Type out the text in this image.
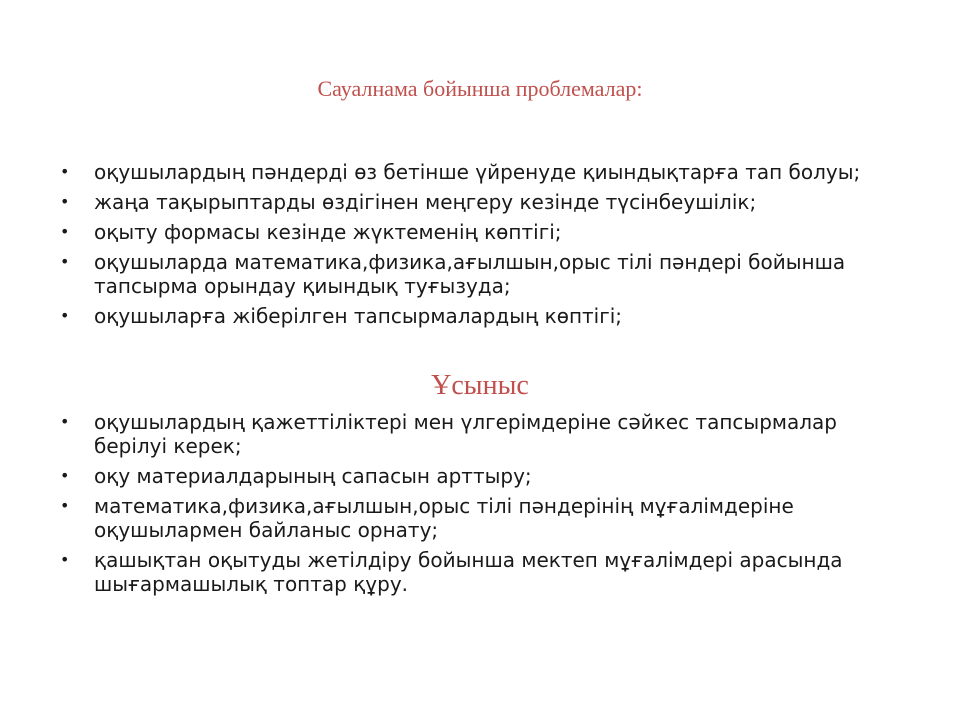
Сауалнама бойынша проблемалар:
• оқушылардың пәндерді өз бетінше үйренуде қиындықтарға тап болуы;
• жаңа тақырыптарды өздігінен меңгеру кезінде түсінбеушілік;
• оқыту формасы кезінде жүктеменің көптігі;
• оқушыларда математика,физика,ағылшын,орыс тілі пәндері бойынша тапсырма орындау қиындық туғызуда;
• оқушыларға жіберілген тапсырмалардың көптігі;
Ұсыныс
• оқушылардың қажеттіліктері мен үлгерімдеріне сәйкес тапсырмалар берілуі керек;
• оқу материалдарының сапасын арттыру;
• математика,физика,ағылшын,орыс тілі пәндерінің мұғалімдеріне оқушылармен байланыс орнату;
• қашықтан оқытуды жетілдіру бойынша мектеп мұғалімдері арасында шығармашылық топтар құру.
